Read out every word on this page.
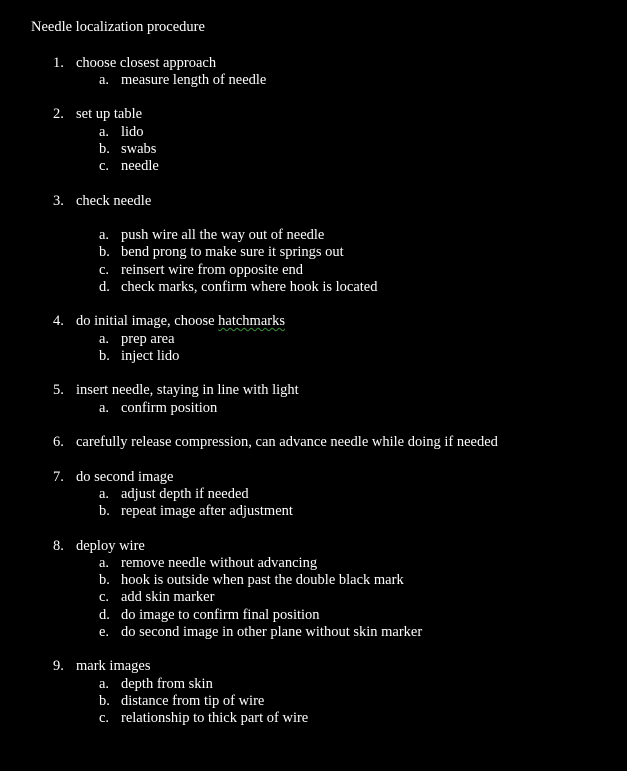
Needle localization procedure
1. choose closest approach
a. measure length of needle
2. set up table
a. lido
b. swabs
c. needle
3. check needle
a. push wire all the way out of needle
b. bend prong to make sure it springs out
c. reinsert wire from opposite end
d. check marks, confirm where hook is located
4. do initial image, choose hatchmarks
a. prep area
b. inject lido
5. insert needle, staying in line with light
a. confirm position
6. carefully release compression, can advance needle while doing if needed
7. do second image
a. adjust depth if needed
b. repeat image after adjustment
8. deploy wire
a. remove needle without advancing
b. hook is outside when past the double black mark
c. add skin marker
d. do image to confirm final position
e. do second image in other plane without skin marker
9. mark images
a. depth from skin
b. distance from tip of wire
c. relationship to thick part of wire
